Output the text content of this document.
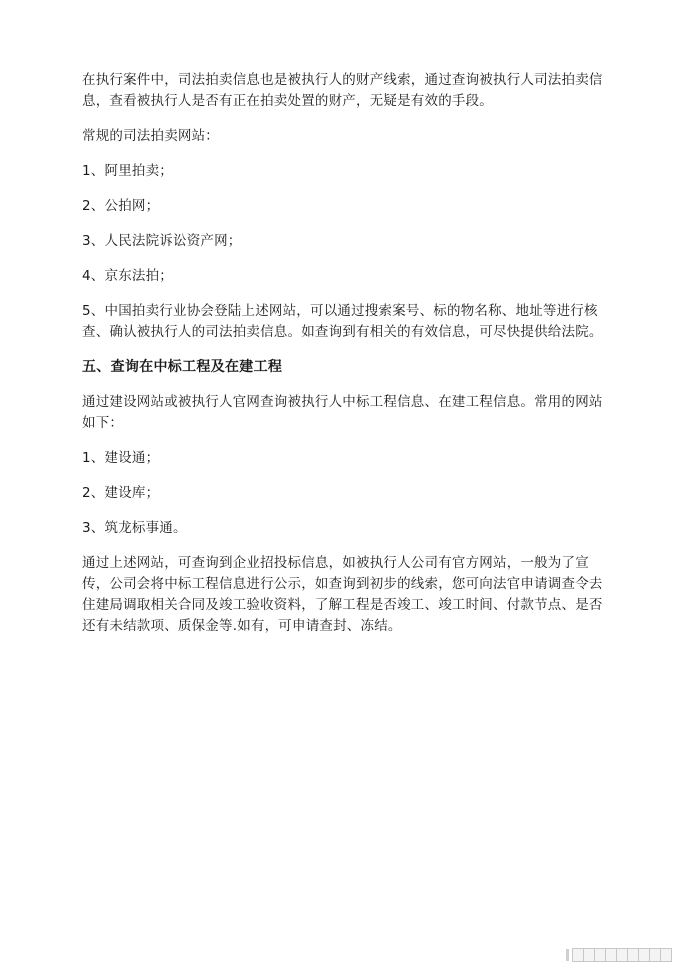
在执行案件中，司法拍卖信息也是被执行人的财产线索，通过查询被执行人司法拍卖信息，查看被执行人是否有正在拍卖处置的财产，无疑是有效的手段。

常规的司法拍卖网站：

1、阿里拍卖；

2、公拍网；

3、人民法院诉讼资产网；

4、京东法拍；

5、中国拍卖行业协会登陆上述网站，可以通过搜索案号、标的物名称、地址等进行核查、确认被执行人的司法拍卖信息。如查询到有相关的有效信息，可尽快提供给法院。

五、查询在中标工程及在建工程

通过建设网站或被执行人官网查询被执行人中标工程信息、在建工程信息。常用的网站如下：

1、建设通；

2、建设库；

3、筑龙标事通。

通过上述网站，可查询到企业招投标信息，如被执行人公司有官方网站，一般为了宣传，公司会将中标工程信息进行公示，如查询到初步的线索，您可向法官申请调查令去住建局调取相关合同及竣工验收资料，了解工程是否竣工、竣工时间、付款节点、是否还有未结款项、质保金等.如有，可申请查封、冻结。
